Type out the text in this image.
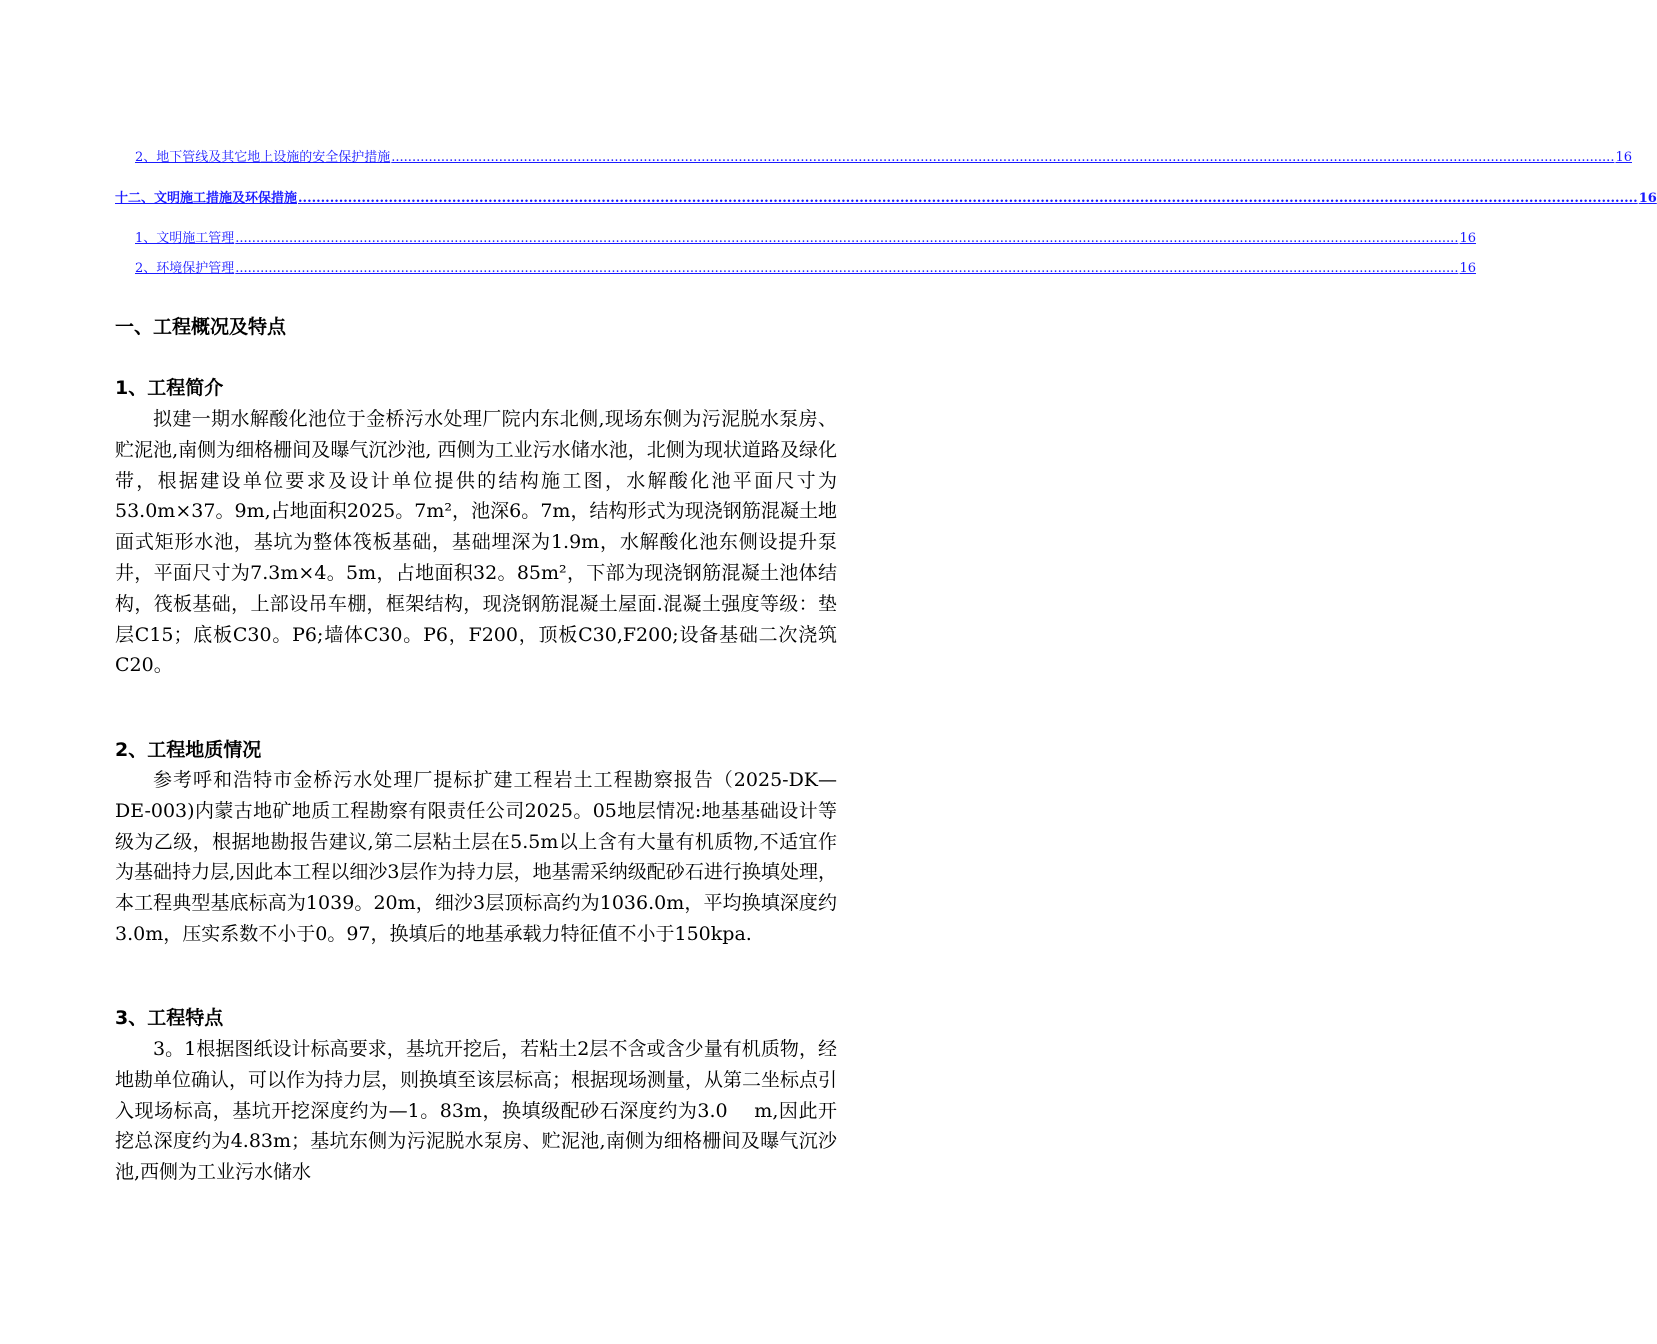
2、地下管线及其它地上设施的安全保护措施 ........................................................................................................................................................................................................................................................................................................ 16
十二、文明施工措施及环保措施 ........................................................................................................................................................................................................................................................................................................ 16
1、文明施工管理 ........................................................................................................................................................................................................................................................................................................ 16
2、环境保护管理 ........................................................................................................................................................................................................................................................................................................ 16
一、工程概况及特点
1、工程简介

拟建一期水解酸化池位于金桥污水处理厂院内东北侧,现场东侧为污泥脱水泵房、贮泥池,南侧为细格栅间及曝气沉沙池, 西侧为工业污水储水池，北侧为现状道路及绿化带，根据建设单位要求及设计单位提供的结构施工图，水解酸化池平面尺寸为53.0m×37。9m,占地面积2025。7m²，池深6。7m，结构形式为现浇钢筋混凝土地面式矩形水池，基坑为整体筏板基础，基础埋深为1.9m，水解酸化池东侧设提升泵井，平面尺寸为7.3m×4。5m，占地面积32。85m²，下部为现浇钢筋混凝土池体结构，筏板基础，上部设吊车棚，框架结构，现浇钢筋混凝土屋面.混凝土强度等级：垫层C15；底板C30。P6;墙体C30。P6，F200，顶板C30,F200;设备基础二次浇筑C20。

2、工程地质情况

参考呼和浩特市金桥污水处理厂提标扩建工程岩土工程勘察报告（2025-DK—DE-003)内蒙古地矿地质工程勘察有限责任公司2025。05地层情况:地基基础设计等级为乙级，根据地勘报告建议,第二层粘土层在5.5m以上含有大量有机质物,不适宜作为基础持力层,因此本工程以细沙3层作为持力层，地基需采纳级配砂石进行换填处理，本工程典型基底标高为1039。20m，细沙3层顶标高约为1036.0m，平均换填深度约3.0m，压实系数不小于0。97，换填后的地基承载力特征值不小于150kpa.

3、工程特点

3。1根据图纸设计标高要求，基坑开挖后，若粘土2层不含或含少量有机质物，经地勘单位确认，可以作为持力层，则换填至该层标高；根据现场测量，从第二坐标点引入现场标高，基坑开挖深度约为—1。83m，换填级配砂石深度约为3.0　 m,因此开挖总深度约为4.83m；基坑东侧为污泥脱水泵房、贮泥池,南侧为细格栅间及曝气沉沙池,西侧为工业污水储水
